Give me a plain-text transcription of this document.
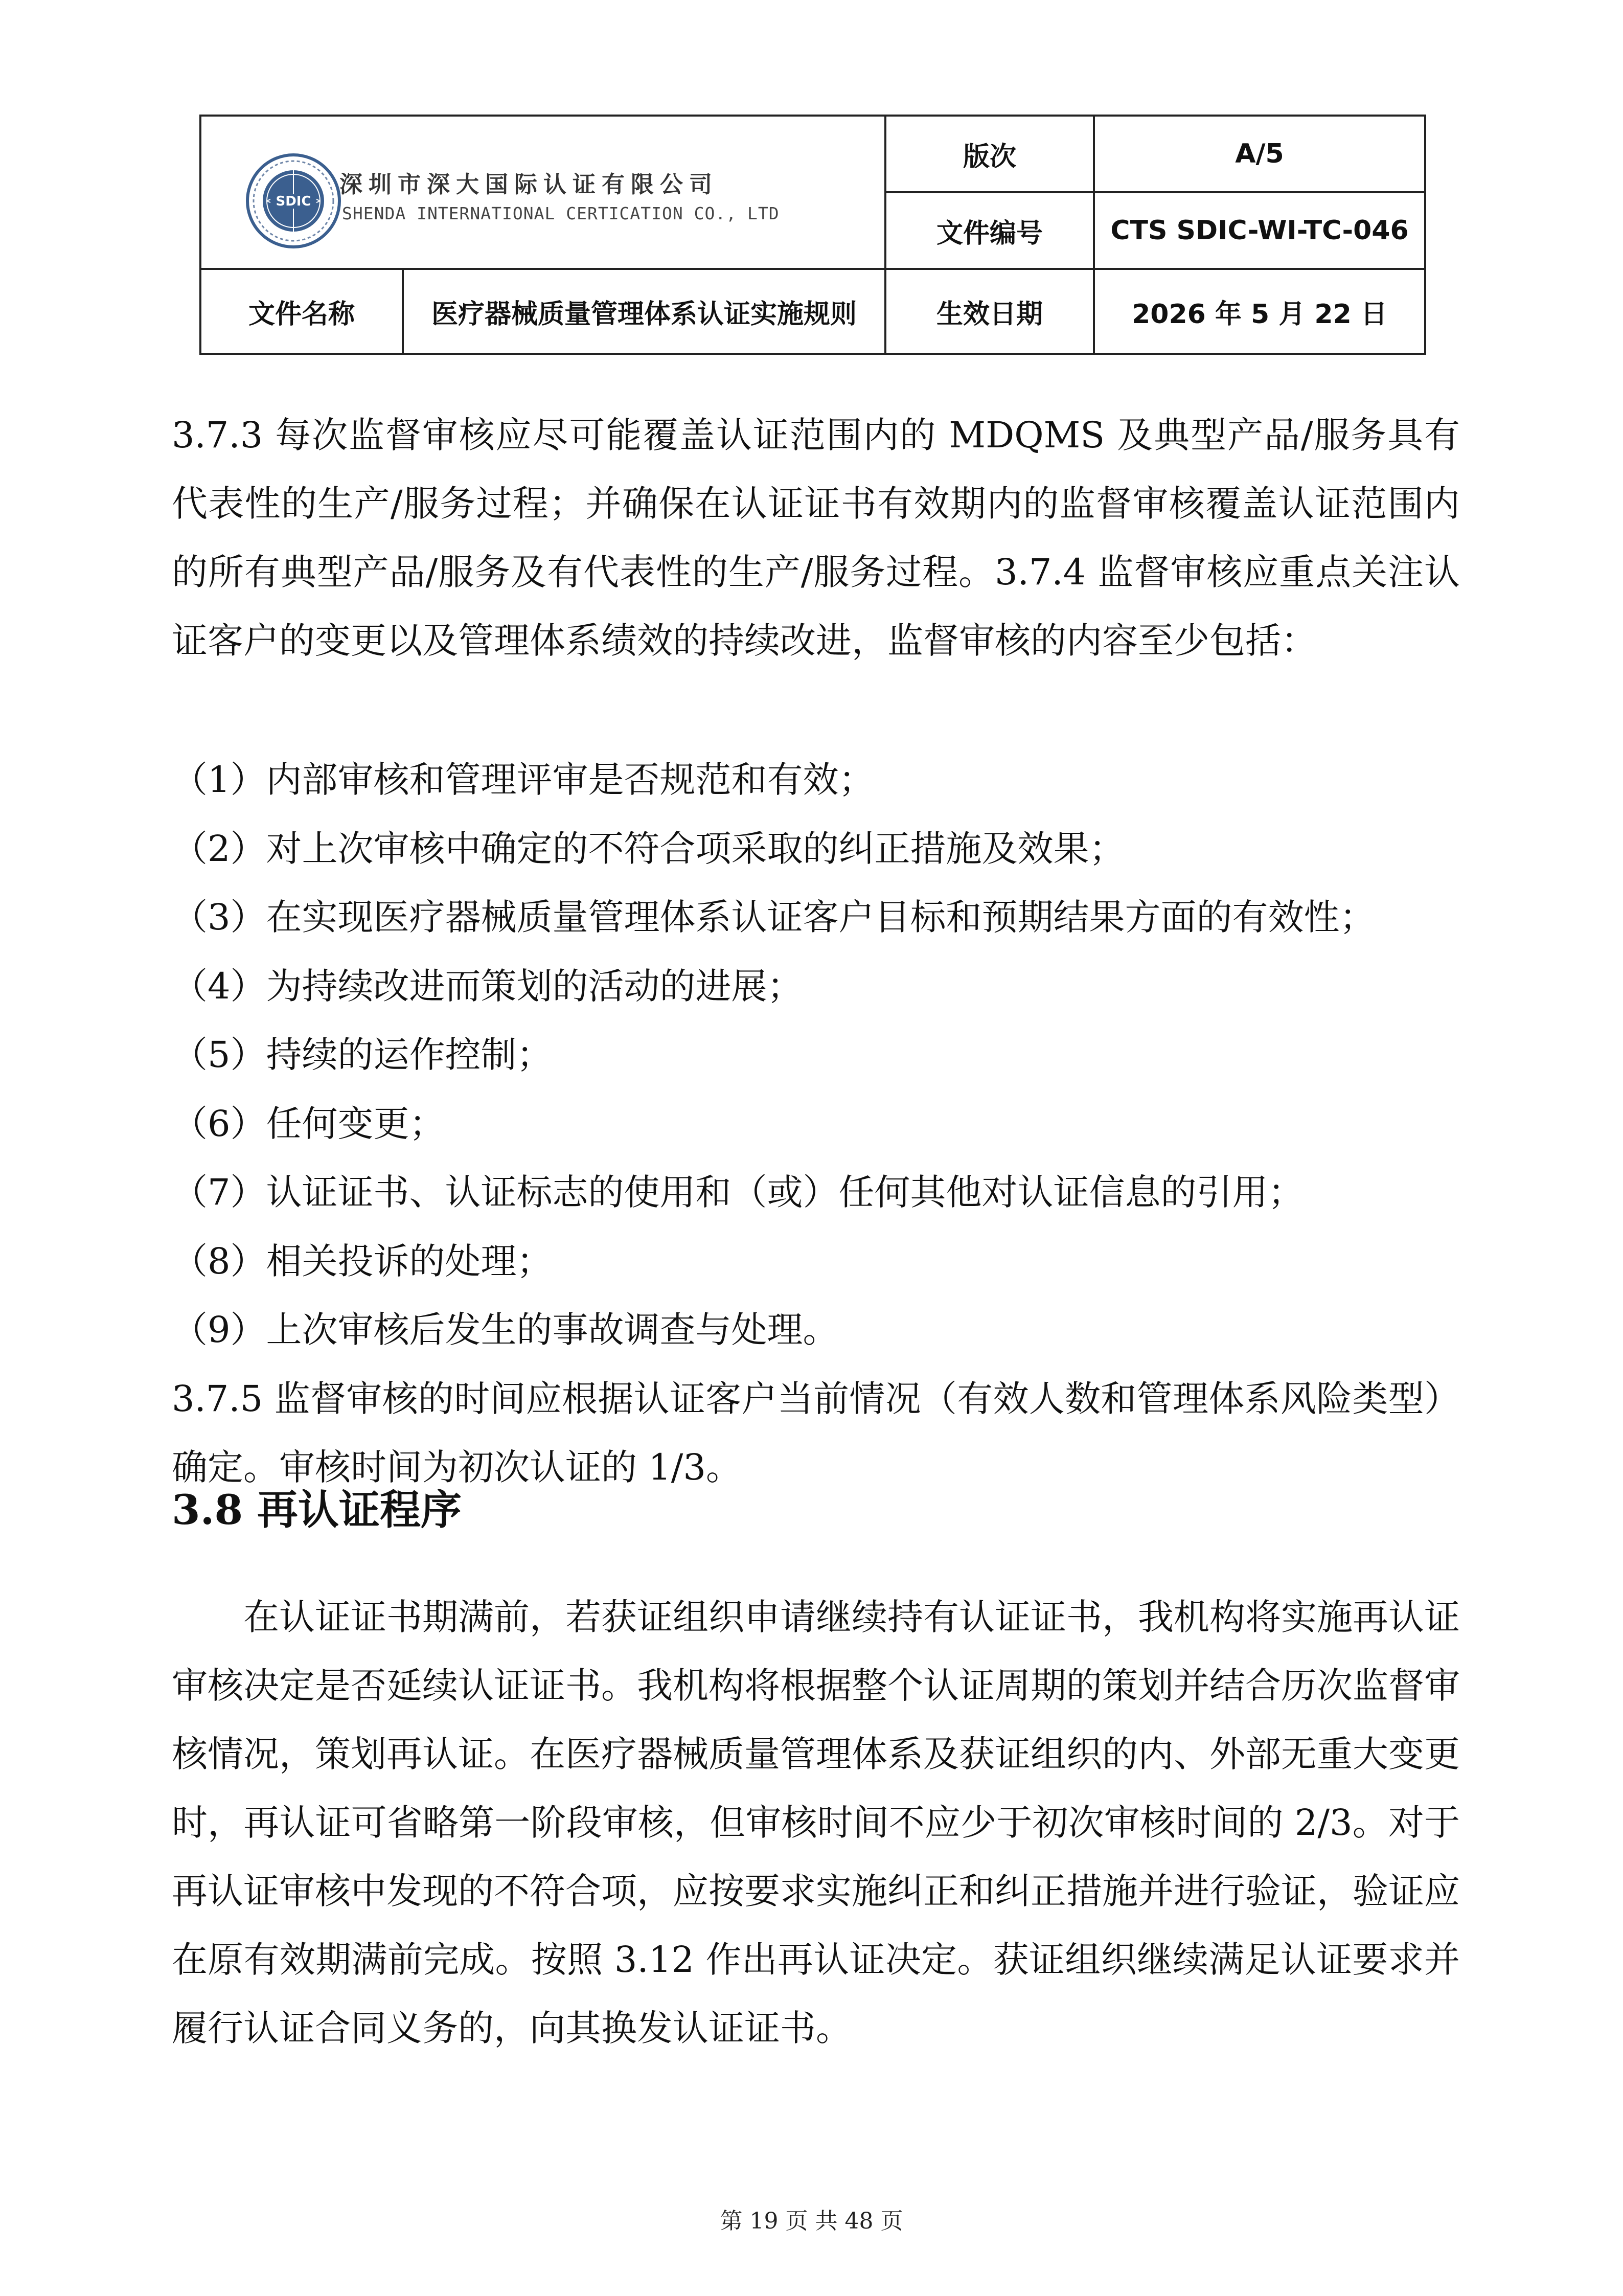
SDIC
深圳市深大国际认证有限公司
SHENDA INTERNATIONAL CERTICATION CO., LTD		版次	A/5
		文件编号	CTS SDIC-WI-TC-046
文件名称	医疗器械质量管理体系认证实施规则	生效日期	2026 年 5 月 22 日

3.7.3 每次监督审核应尽可能覆盖认证范围内的 MDQMS 及典型产品/服务具有代表性的生产/服务过程；并确保在认证证书有效期内的监督审核覆盖认证范围内的所有典型产品/服务及有代表性的生产/服务过程。3.7.4 监督审核应重点关注认证客户的变更以及管理体系绩效的持续改进，监督审核的内容至少包括：

（1）内部审核和管理评审是否规范和有效；

（2）对上次审核中确定的不符合项采取的纠正措施及效果；

（3）在实现医疗器械质量管理体系认证客户目标和预期结果方面的有效性；

（4）为持续改进而策划的活动的进展；

（5）持续的运作控制；

（6）任何变更；

（7）认证证书、认证标志的使用和（或）任何其他对认证信息的引用；

（8）相关投诉的处理；

（9）上次审核后发生的事故调查与处理。

3.7.5 监督审核的时间应根据认证客户当前情况（有效人数和管理体系风险类型）确定。审核时间为初次认证的 1/3。

3.8 再认证程序

在认证证书期满前，若获证组织申请继续持有认证证书，我机构将实施再认证审核决定是否延续认证证书。我机构将根据整个认证周期的策划并结合历次监督审核情况，策划再认证。在医疗器械质量管理体系及获证组织的内、外部无重大变更时，再认证可省略第一阶段审核，但审核时间不应少于初次审核时间的 2/3。对于再认证审核中发现的不符合项，应按要求实施纠正和纠正措施并进行验证，验证应在原有效期满前完成。按照 3.12 作出再认证决定。获证组织继续满足认证要求并履行认证合同义务的，向其换发认证证书。

第 19 页 共 48 页
